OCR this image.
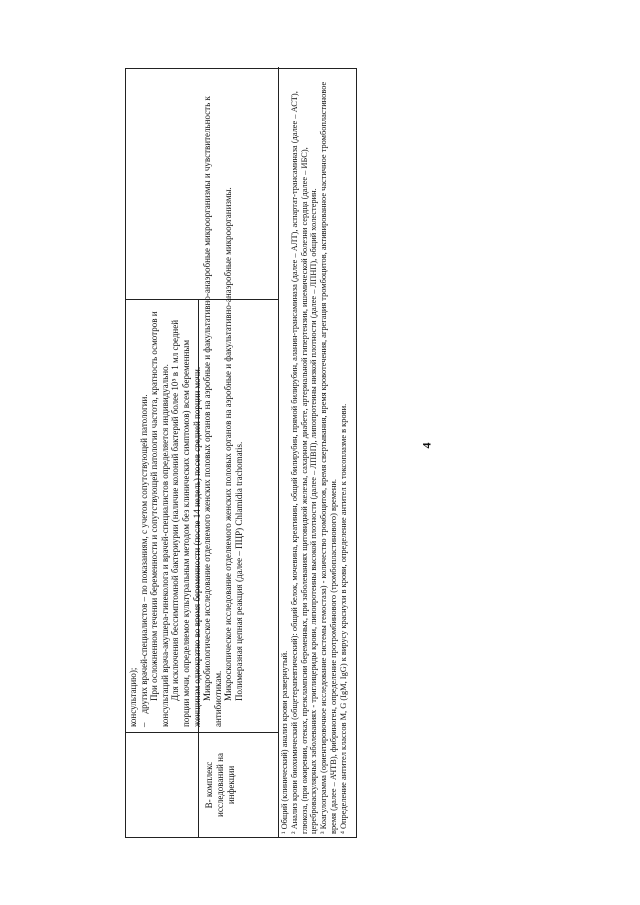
4

консультацию); –    других врачей-специалистов – по показаниям, с учетом сопутствующей патологии. При осложненном течении беременности и сопутствующей патологии частота, кратность осмотров и консультаций врача-акушера-гинеколога и врачей-специалистов определяется индивидуально. Для исключения бессимптомной бактериурии (наличие колоний бактерий более 10⁵ в 1 мл средней порции мочи, определяемое культуральным методом без клинических симптомов) всем беременным женщинам однократно во время беременности (после 14 недель) посев средней порции мочи.

В- комплекс исследований на инфекции

Микробиологическое исследование отделяемого женских половых органов на аэробные и факультативно-анаэробные микроорганизмы и чувствительность к антибиотикам. Микроскопическое исследование отделяемого женских половых органов на аэробные и факультативно-анаэробные микроорганизмы. Полимеразная цепная реакция (далее – ПЦР) Chlamidia trachomatis.

¹ Общий (клинический) анализ крови развернутый. ² Анализ крови биохимический (общетерапевтический): общий белок, мочевина, креатинин, общий билирубин, прямой билирубин, аланин-трансаминаза (далее – АЛТ), аспартат-трансаминаза (далее – АСТ), глюкоза, (при ожирении, отеках, преэклампсии беременных, при заболеваниях щитовидной железы, сахарном диабете, артериальной гипертензии, ишемической болезни сердца (далее – ИБС), цереброваскулярных заболеваниях - триглицериды крови, липопротеины высокой плотности (далее – ЛПВП), липопротеины низкой плотности (далее – ЛПНП), общий холестерин. ³ Коагулограмма (ориентировочное исследование системы гемостаза) - количество тромбоцитов, время свертывания, время кровотечения, агрегация тромбоцитов, активированное частичное тромбопластиновое время (далее – АЧТВ), фибриноген, определение протромбинового (тромбопластинового) времени. ⁴ Определение антител классов M, G (IgM, IgG) к вирусу краснухи в крови, определение антител к токсоплазме в крови.
